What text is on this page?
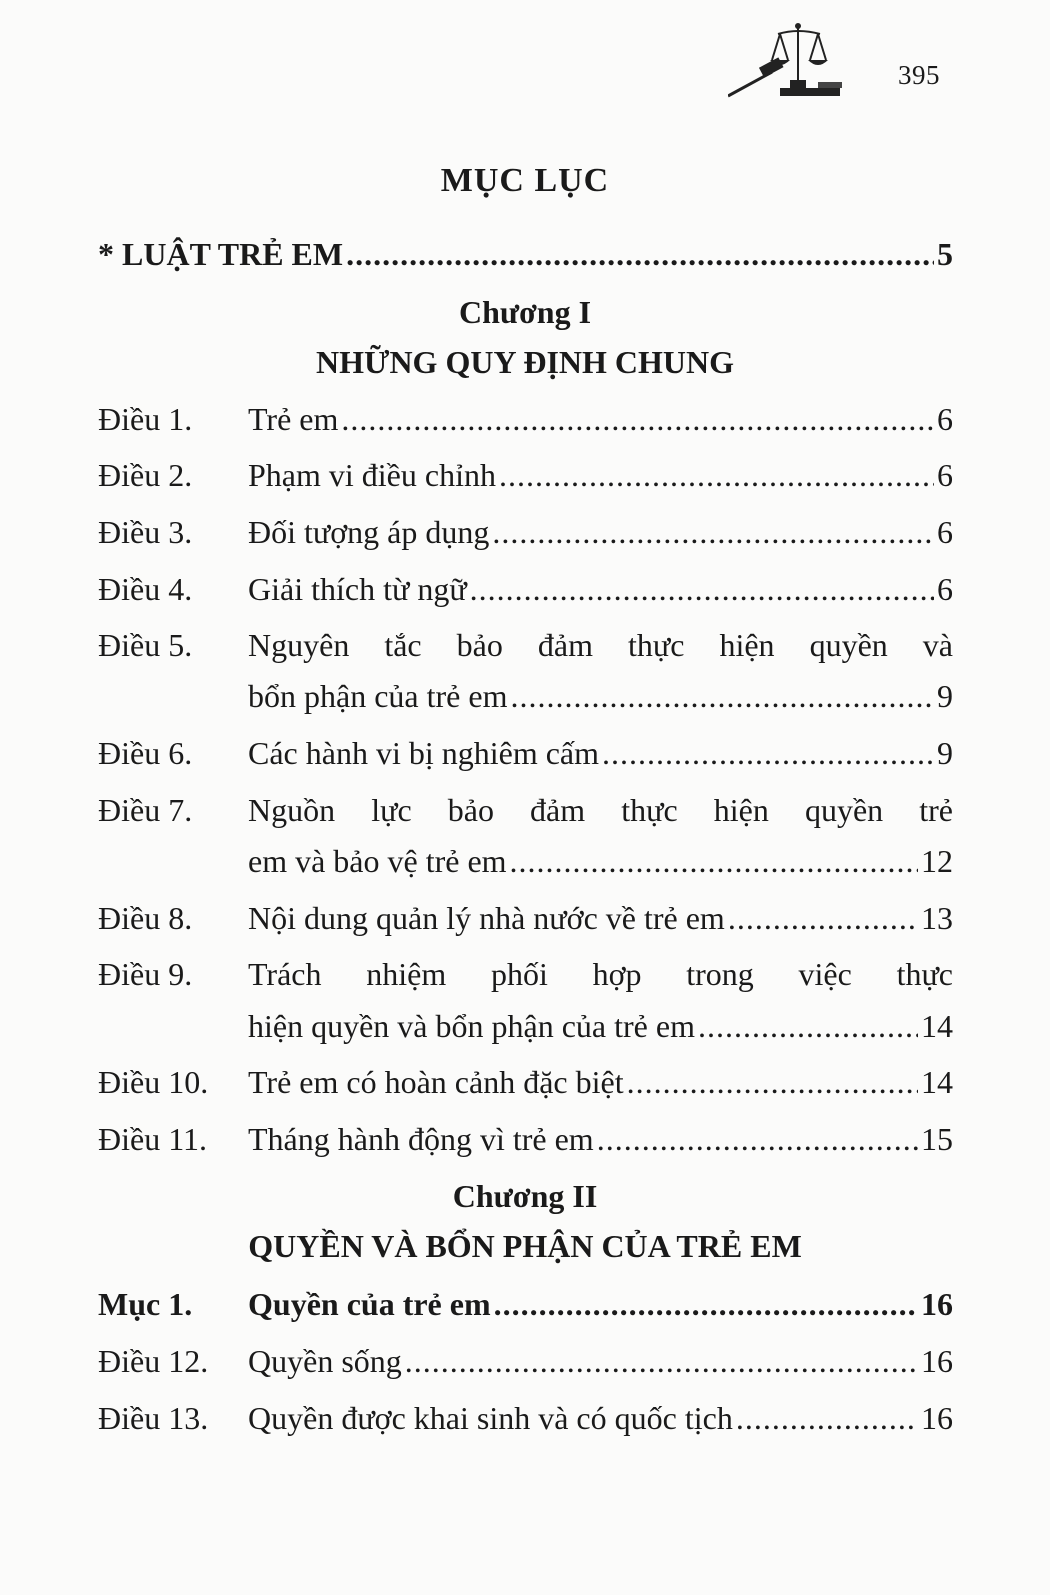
395
MỤC LỤC
* LUẬT TRẺ EM .....	5
Chương I
NHỮNG QUY ĐỊNH CHUNG
Điều 1. Trẻ em .....	6
Điều 2. Phạm vi điều chỉnh .....	6
Điều 3. Đối tượng áp dụng .....	6
Điều 4. Giải thích từ ngữ .....	6
Điều 5. Nguyên tắc bảo đảm thực hiện quyền và
bổn phận của trẻ em .....	9
Điều 6. Các hành vi bị nghiêm cấm .....	9
Điều 7. Nguồn lực bảo đảm thực hiện quyền trẻ
em và bảo vệ trẻ em .....	12
Điều 8. Nội dung quản lý nhà nước về trẻ em .....	13
Điều 9. Trách nhiệm phối hợp trong việc thực
hiện quyền và bổn phận của trẻ em .....	14
Điều 10. Trẻ em có hoàn cảnh đặc biệt .....	14
Điều 11. Tháng hành động vì trẻ em .....	15
Chương II
QUYỀN VÀ BỔN PHẬN CỦA TRẺ EM
Mục 1. Quyền của trẻ em .....	16
Điều 12. Quyền sống .....	16
Điều 13. Quyền được khai sinh và có quốc tịch .....	16
